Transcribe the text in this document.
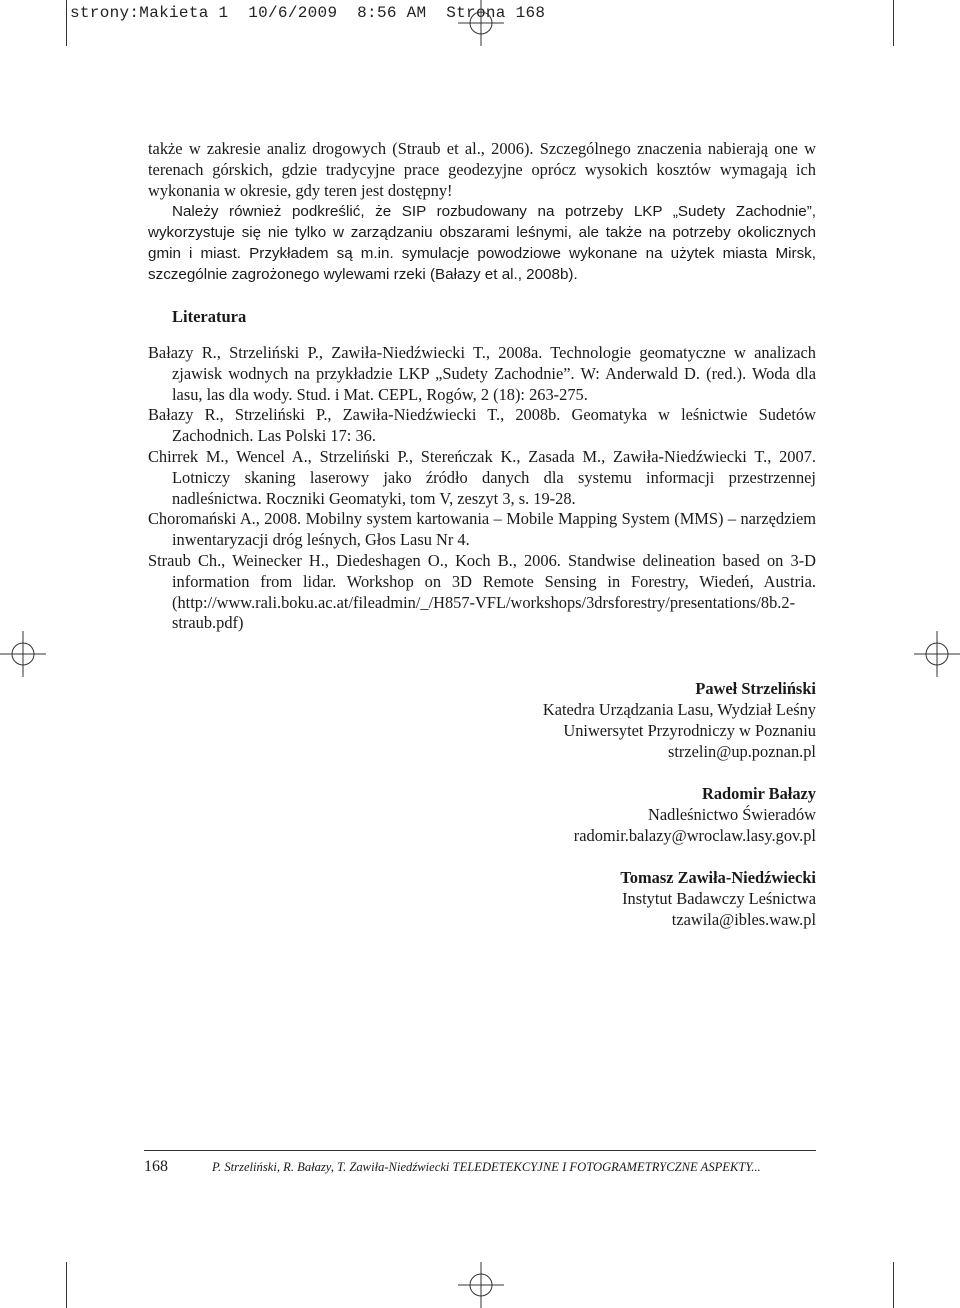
strony:Makieta 1  10/6/2009  8:56 AM  Strona 168

także w zakresie analiz drogowych (Straub et al., 2006). Szczególnego znaczenia nabierają one w terenach górskich, gdzie tradycyjne prace geodezyjne oprócz wysokich kosztów wymagają ich wykonania w okresie, gdy teren jest dostępny!

Należy również podkreślić, że SIP rozbudowany na potrzeby LKP „Sudety Zachodnie”, wykorzystuje się nie tylko w zarządzaniu obszarami leśnymi, ale także na potrzeby okolicznych gmin i miast. Przykładem są m.in. symulacje powodziowe wykonane na użytek miasta Mirsk, szczególnie zagrożonego wylewami rzeki (Bałazy et al., 2008b).

Literatura

Bałazy R., Strzeliński P., Zawiła-Niedźwiecki T., 2008a. Technologie geomatyczne w analizach zjawisk wodnych na przykładzie LKP „Sudety Zachodnie”. W: Anderwald D. (red.). Woda dla lasu, las dla wody. Stud. i Mat. CEPL, Rogów, 2 (18): 263-275.

Bałazy R., Strzeliński P., Zawiła-Niedźwiecki T., 2008b. Geomatyka w leśnictwie Sudetów Zachodnich. Las Polski 17: 36.

Chirrek M., Wencel A., Strzeliński P., Stereńczak K., Zasada M., Zawiła-Niedźwiecki T., 2007. Lotniczy skaning laserowy jako źródło danych dla systemu informacji przestrzennej nadleśnictwa. Roczniki Geomatyki, tom V, zeszyt 3, s. 19-28.

Choromański A., 2008. Mobilny system kartowania – Mobile Mapping System (MMS) – narzędziem inwentaryzacji dróg leśnych, Głos Lasu Nr 4.

Straub Ch., Weinecker H., Diedeshagen O., Koch B., 2006. Standwise delineation based on 3-D information from lidar. Workshop on 3D Remote Sensing in Forestry, Wiedeń, Austria. (http://www.rali.boku.ac.at/fileadmin/_/H857-VFL/workshops/3drsforestry/presentations/8b.2-straub.pdf)

Paweł Strzeliński
Katedra Urządzania Lasu, Wydział Leśny
Uniwersytet Przyrodniczy w Poznaniu
strzelin@up.poznan.pl
Radomir Bałazy
Nadleśnictwo Świeradów
radomir.balazy@wroclaw.lasy.gov.pl
Tomasz Zawiła-Niedźwiecki
Instytut Badawczy Leśnictwa
tzawila@ibles.waw.pl
168	P. Strzeliński, R. Bałazy, T. Zawiła-Niedźwiecki TELEDETEKCYJNE I FOTOGRAMETRYCZNE ASPEKTY...
